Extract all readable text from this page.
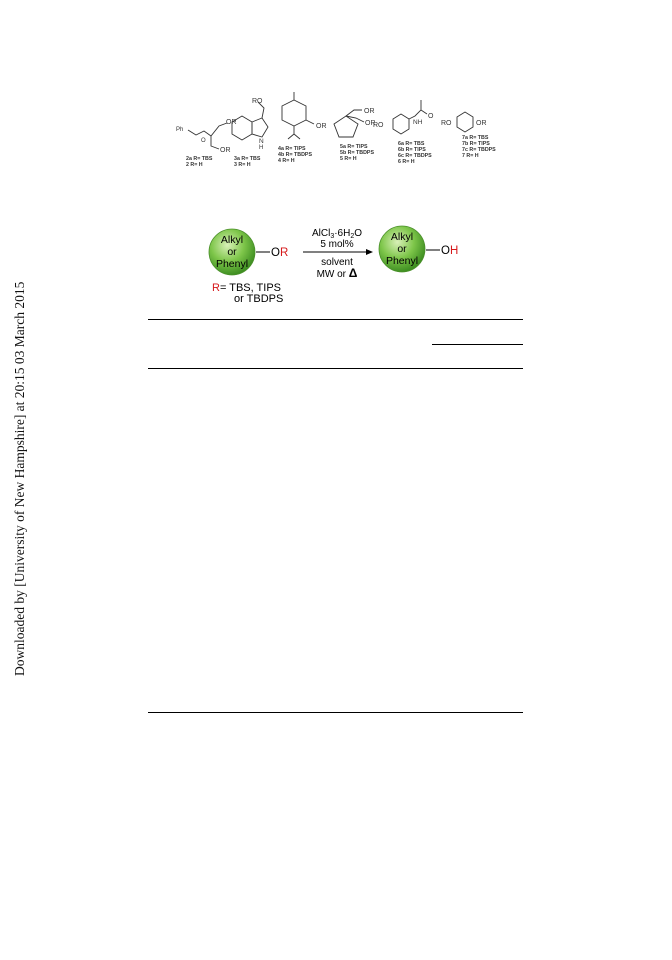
Downloaded by [University of New Hampshire] at 20:15 03 March 2015
Ph
OR
OR
O
2a R= TBS
2 R= H
RO
N
H
3a R= TBS
3 R= H
OR
4a R= TIPS
4b R= TBDPS
4 R= H
OR
OR
5a R= TIPS
5b R= TBDPS
5 R= H
RO	NH
O
6a R= TBS
6b R= TIPS
6c R= TBDPS
6 R= H
RO	OR
7a R= TBS
7b R= TIPS
7c R= TBDPS
7 R= H
Alkyl
or
Phenyl
OR
R= TBS, TIPS
or TBDPS
$AlCl_3\cdot 6H_2O$
5 mol%
solvent
MW or Δ
Alkyl
or
Phenyl
OH
